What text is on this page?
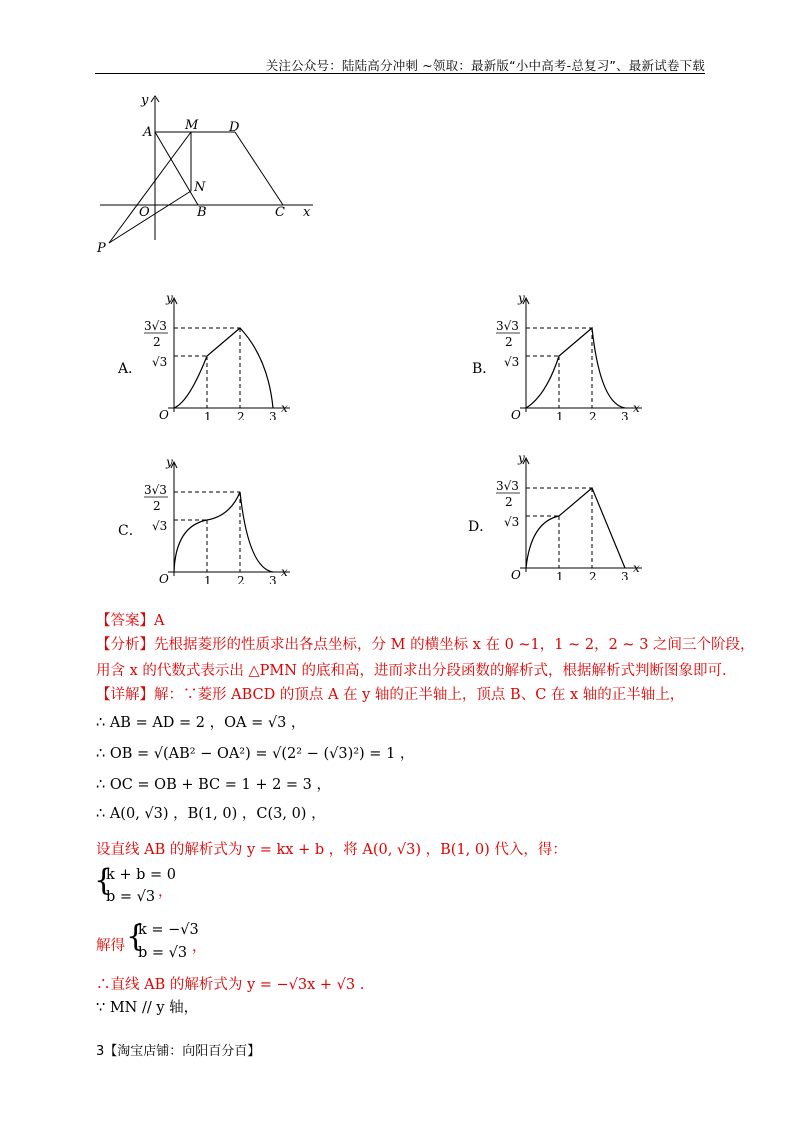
关注公众号：陆陆高分冲刺 ~领取：最新版“小中高考-总复习”、最新试卷下载
y
x
A	M D
N
O	B	C
P
A．	B．
C．	D．
y
x
O	1 2 3
3√3
2
√3
y
x
O	1 2 3
3√3
2
√3
y
x
O	1 2 3
3√3
2
√3
y
x
O	1 2 3
3√3
2
√3
【答案】A
【分析】先根据菱形的性质求出各点坐标，分 M 的横坐标 x 在 0 ~1，1 ~ 2，2 ~ 3 之间三个阶段，
用含 x 的代数式表示出 △PMN 的底和高，进而求出分段函数的解析式，根据解析式判断图象即可.
【详解】解：∵菱形 ABCD 的顶点 A 在 y 轴的正半轴上，顶点 B、C 在 x 轴的正半轴上，
∴ AB = AD = 2 ，OA = √3 ，
∴ OB = √(AB² − OA²) = √(2² − (√3)²) = 1 ，
∴ OC = OB + BC = 1 + 2 = 3 ，
∴ A(0, √3) ，B(1, 0) ，C(3, 0) ，
设直线 AB 的解析式为 y = kx + b ，将 A(0, √3) ，B(1, 0) 代入，得：
{
k + b = 0
b = √3 ，
解得 {
k = −√3
b = √3 ，
∴直线 AB 的解析式为 y = −√3x + √3 .
∵ MN // y 轴，
3【淘宝店铺：向阳百分百】
